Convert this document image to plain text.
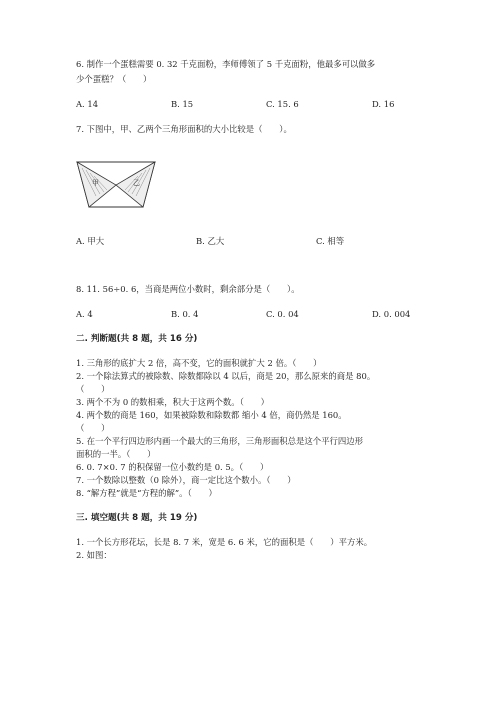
6. 制作一个蛋糕需要 0. 32 千克面粉，李师傅领了 5 千克面粉，他最多可以做多
少个蛋糕？（　　）
A. 14	B. 15	C. 15. 6	D. 16
7. 下图中，甲、乙两个三角形面积的大小比较是（　　）。
甲	乙
A. 甲大	B. 乙大	C. 相等
8. 11. 56÷0. 6，当商是两位小数时，剩余部分是（　　）。
A. 4	B. 0. 4	C. 0. 04	D. 0. 004
二. 判断题(共 8 题，共 16 分)
1. 三角形的底扩大 2 倍，高不变，它的面积就扩大 2 倍。（　　）
2. 一个除法算式的被除数、除数都除以 4 以后，商是 20，那么原来的商是 80。
（　　）
3. 两个不为 0 的数相乘，积大于这两个数。（　　）
4. 两个数的商是 160，如果被除数和除数都 缩小 4 倍，商仍然是 160。
（　　）
5. 在一个平行四边形内画一个最大的三角形，三角形面积总是这个平行四边形
面积的一半。（　　）
6. 0. 7×0. 7 的积保留一位小数约是 0. 5。（　　）
7. 一个数除以整数（0 除外），商一定比这个数小。（　　）
8. “解方程”就是“方程的解”。（　　）
三. 填空题(共 8 题，共 19 分)
1. 一个长方形花坛，长是 8. 7 米，宽是 6. 6 米，它的面积是（　　）平方米。
2. 如图：
